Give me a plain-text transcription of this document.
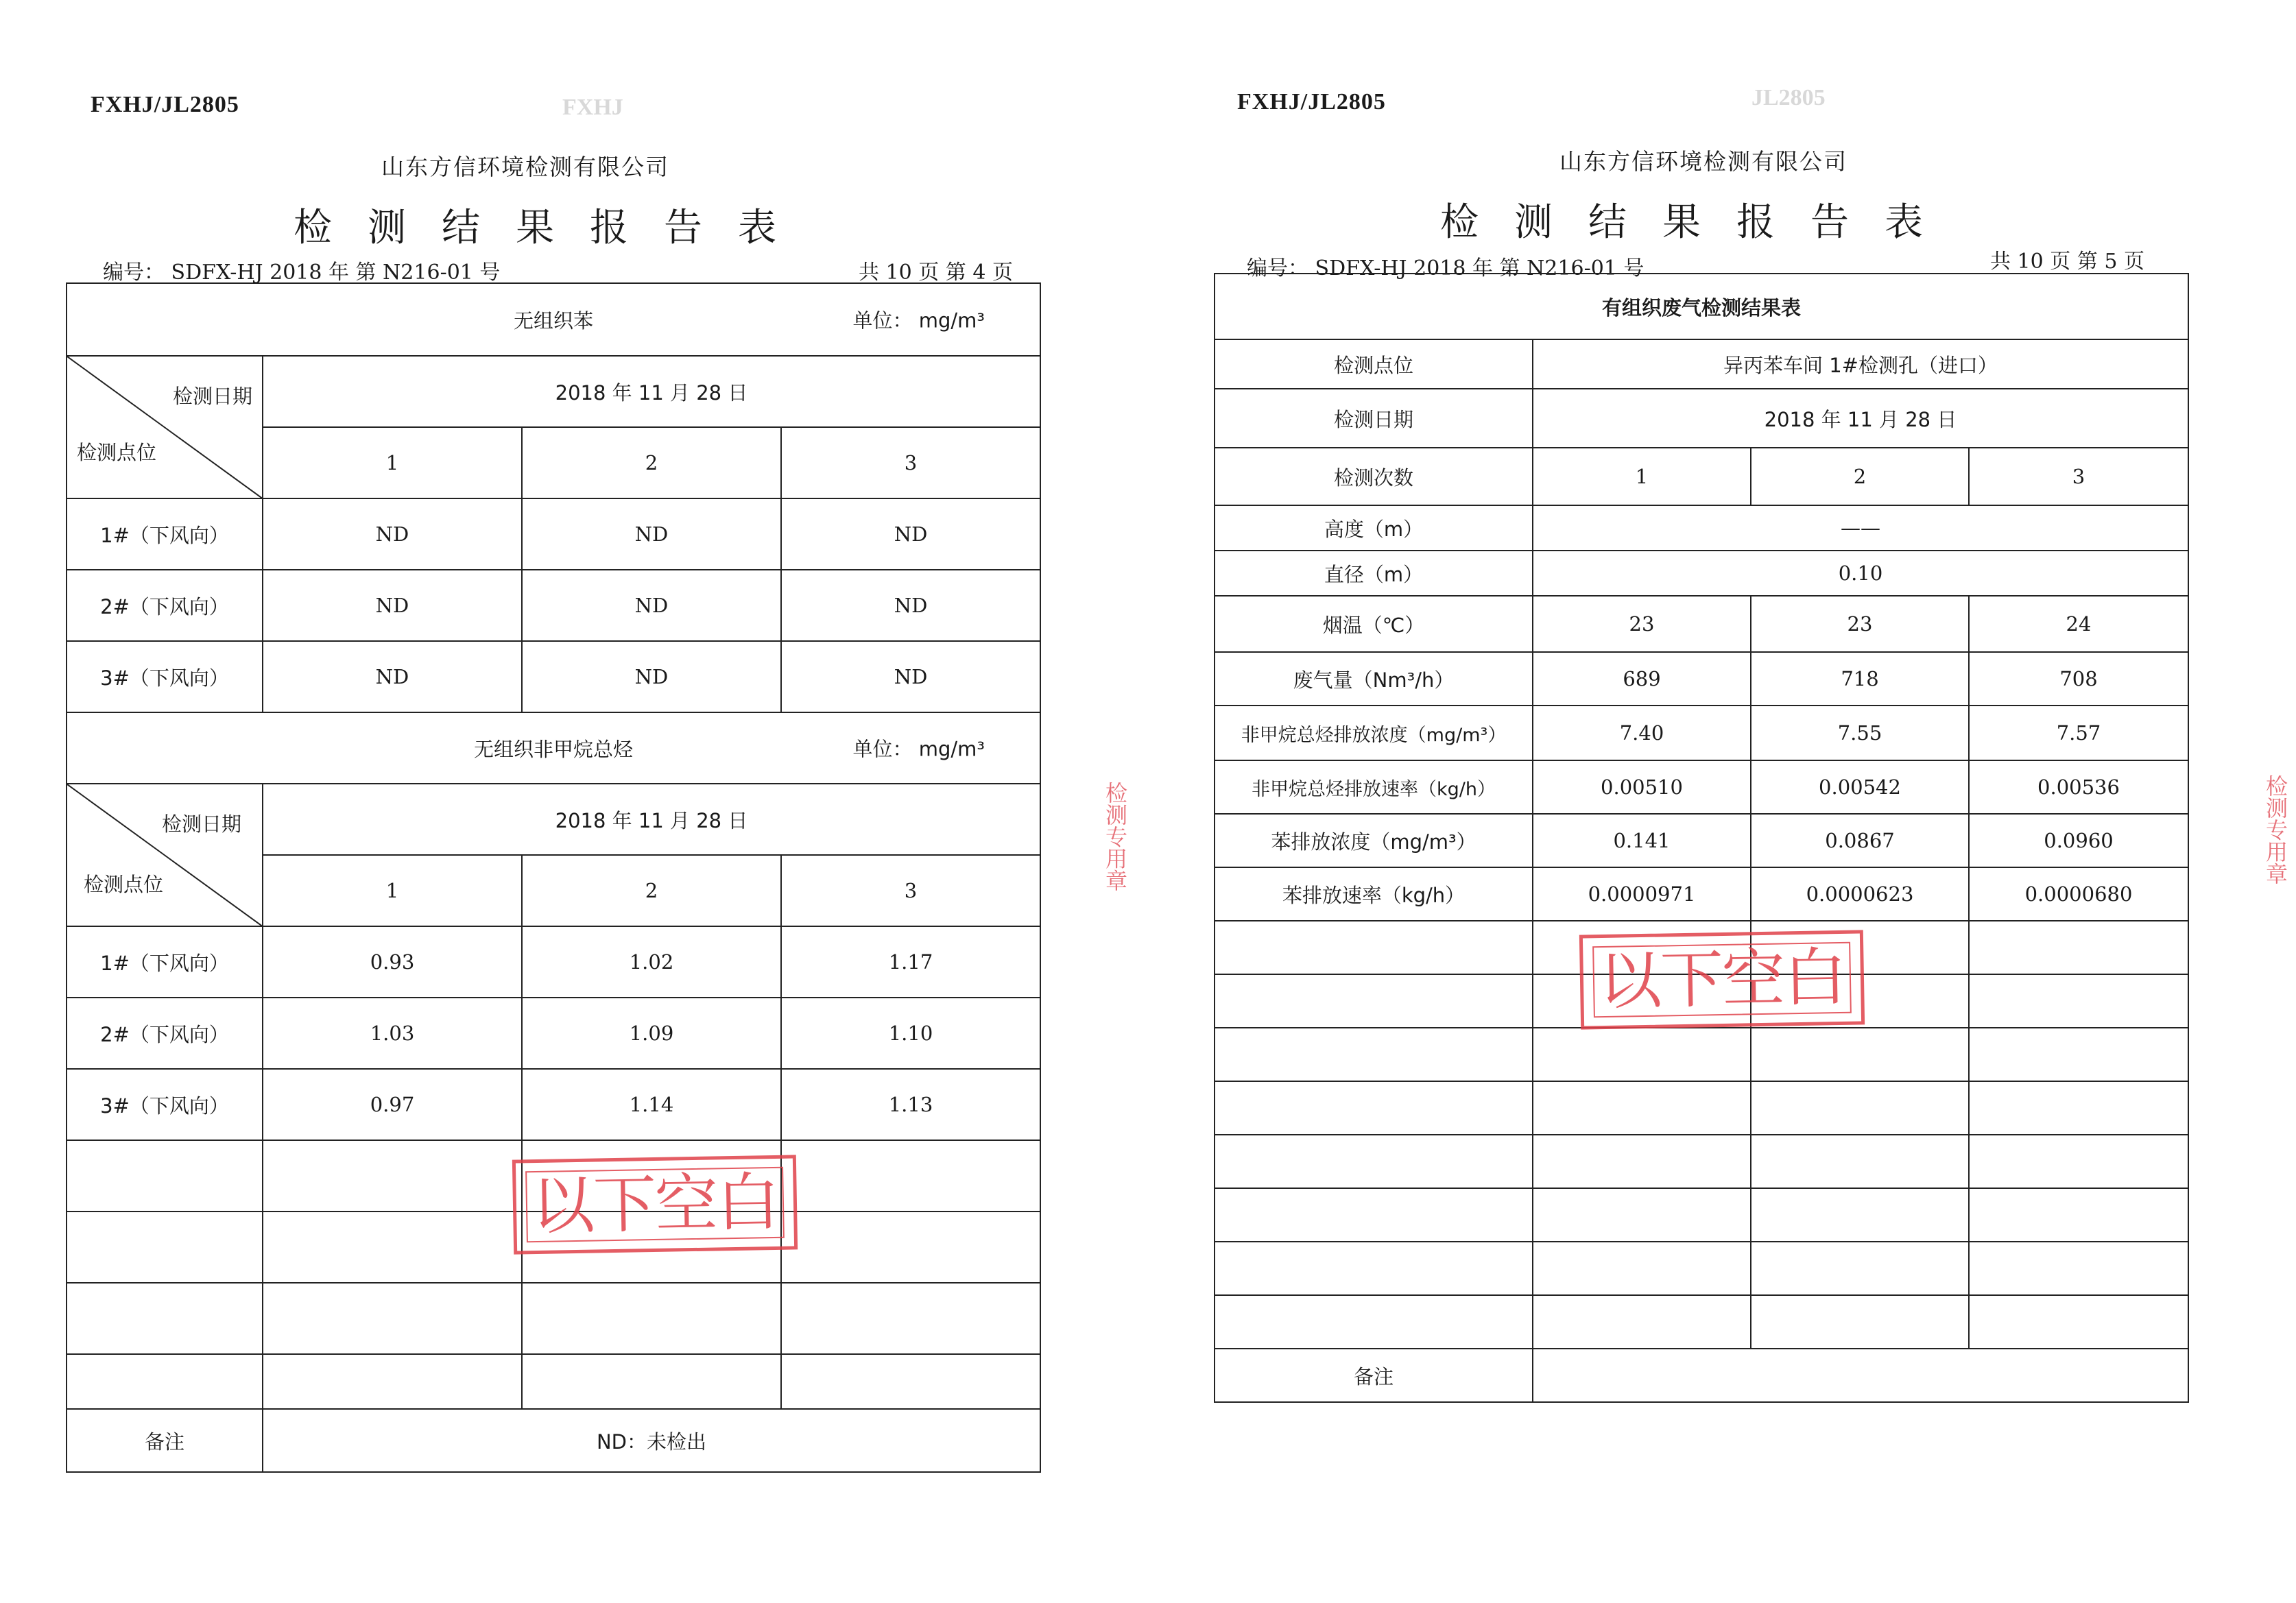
FXHJ
FXHJ/JL2805
山东方信环境检测有限公司
检测结果报告表
编号： SDFX-HJ 2018 年 第 N216-01 号	共 10 页 第 4 页
无组织苯 单位： mg/m³			

检测日期
检测点位	2018 年 11 月 28 日		
	1	2	3
1#（下风向）	ND	ND	ND
2#（下风向）	ND	ND	ND
3#（下风向）	ND	ND	ND
无组织非甲烷总烃 单位： mg/m³			

检测日期
检测点位	2018 年 11 月 28 日		
	1	2	3
1#（下风向）	0.93	1.02	1.17
2#（下风向）	1.03	1.09	1.10
3#（下风向）	0.97	1.14	1.13

备注	ND：未检出		
以下空白
检测专用章
JL2805
FXHJ/JL2805
山东方信环境检测有限公司
检测结果报告表
编号： SDFX-HJ 2018 年 第 N216-01 号	共 10 页 第 5 页
有组织废气检测结果表			
检测点位	异丙苯车间 1#检测孔（进口）		
检测日期	2018 年 11 月 28 日		
检测次数	1	2	3
高度（m）	——		
直径（m）	0.10		
烟温（℃）	23	23	24
废气量（Nm³/h）	689	718	708
非甲烷总烃排放浓度（mg/m³）	7.40	7.55	7.57
非甲烷总烃排放速率（kg/h）	0.00510	0.00542	0.00536
苯排放浓度（mg/m³）	0.141	0.0867	0.0960
苯排放速率（kg/h）	0.0000971	0.0000623	0.0000680

备注			
以下空白
检测专用章
